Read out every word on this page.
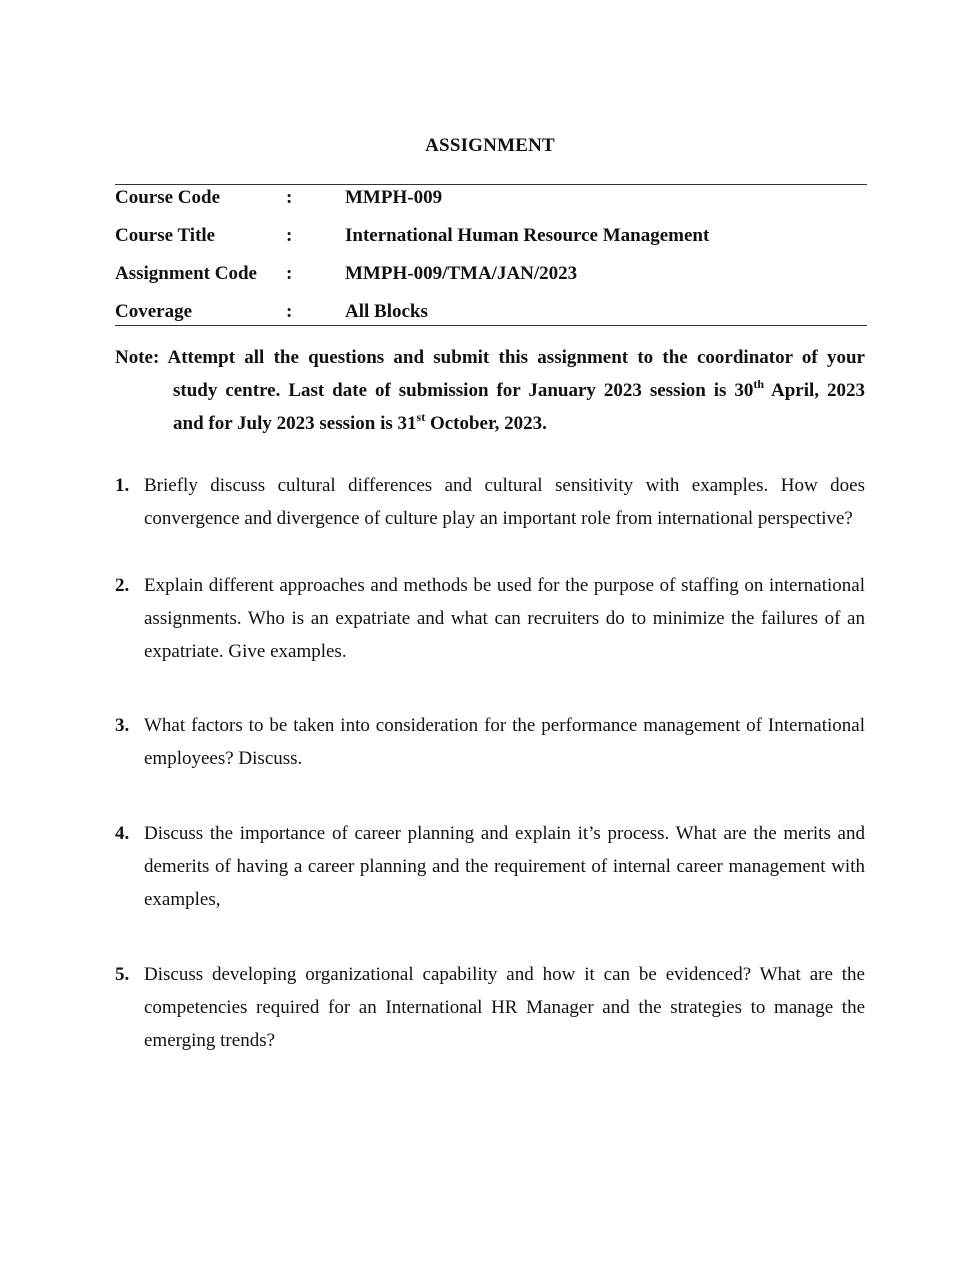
ASSIGNMENT
Course Code	:	MMPH-009
Course Title	:	International Human Resource Management
Assignment Code :	MMPH-009/TMA/JAN/2023
Coverage	:	All Blocks
Note: Attempt all the questions and submit this assignment to the coordinator of your
study centre. Last date of submission for January 2023 session is 30th April, 2023
and for July 2023 session is 31st October, 2023.
1. Briefly discuss cultural differences and cultural sensitivity with examples. How does
convergence and divergence of culture play an important role from international perspective?
2. Explain different approaches and methods be used for the purpose of staffing on international
assignments. Who is an expatriate and what can recruiters do to minimize the failures of an
expatriate. Give examples.
3. What factors to be taken into consideration for the performance management of International
employees? Discuss.
4. Discuss the importance of career planning and explain it’s process. What are the merits and
demerits of having a career planning and the requirement of internal career management with
examples,
5. Discuss developing organizational capability and how it can be evidenced? What are the
competencies required for an International HR Manager and the strategies to manage the
emerging trends?
